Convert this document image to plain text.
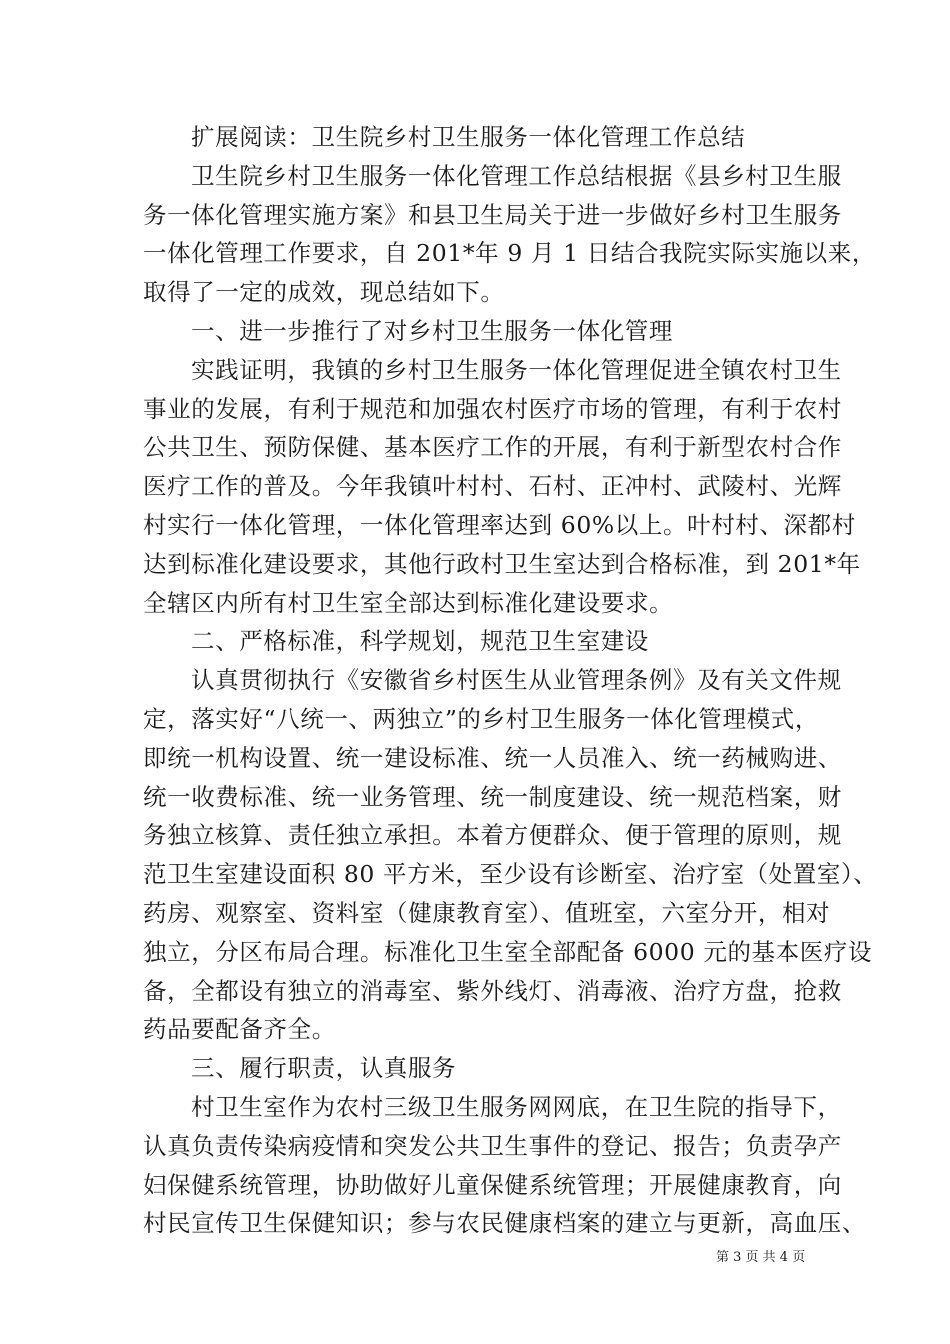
扩展阅读：卫生院乡村卫生服务一体化管理工作总结
卫生院乡村卫生服务一体化管理工作总结根据《县乡村卫生服
务一体化管理实施方案》和县卫生局关于进一步做好乡村卫生服务
一体化管理工作要求，自 201*年 9 月 1 日结合我院实际实施以来，
取得了一定的成效，现总结如下。
一、进一步推行了对乡村卫生服务一体化管理
实践证明，我镇的乡村卫生服务一体化管理促进全镇农村卫生
事业的发展，有利于规范和加强农村医疗市场的管理，有利于农村
公共卫生、预防保健、基本医疗工作的开展，有利于新型农村合作
医疗工作的普及。今年我镇叶村村、石村、正冲村、武陵村、光辉
村实行一体化管理，一体化管理率达到 60%以上。叶村村、深都村
达到标准化建设要求，其他行政村卫生室达到合格标准，到 201*年
全辖区内所有村卫生室全部达到标准化建设要求。
二、严格标准，科学规划，规范卫生室建设
认真贯彻执行《安徽省乡村医生从业管理条例》及有关文件规
定，落实好“八统一、两独立”的乡村卫生服务一体化管理模式，
即统一机构设置、统一建设标准、统一人员准入、统一药械购进、
统一收费标准、统一业务管理、统一制度建设、统一规范档案，财
务独立核算、责任独立承担。本着方便群众、便于管理的原则，规
范卫生室建设面积 80 平方米，至少设有诊断室、治疗室（处置室）、
药房、观察室、资料室（健康教育室）、值班室，六室分开，相对
独立，分区布局合理。标准化卫生室全部配备 6000 元的基本医疗设
备，全都设有独立的消毒室、紫外线灯、消毒液、治疗方盘，抢救
药品要配备齐全。
三、履行职责，认真服务
村卫生室作为农村三级卫生服务网网底，在卫生院的指导下，
认真负责传染病疫情和突发公共卫生事件的登记、报告；负责孕产
妇保健系统管理，协助做好儿童保健系统管理；开展健康教育，向
村民宣传卫生保健知识；参与农民健康档案的建立与更新，高血压、
第 3 页 共 4 页
